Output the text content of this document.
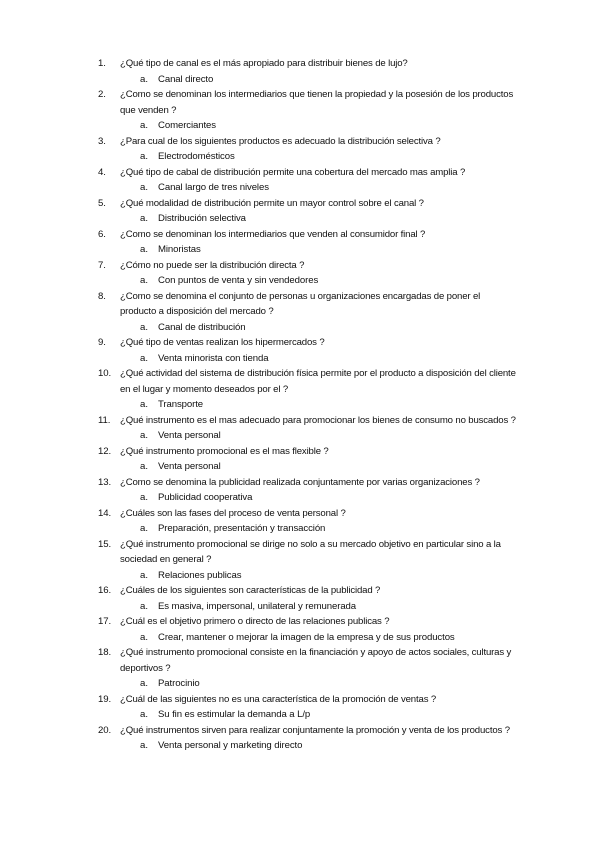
1.	¿Qué tipo de canal es el más apropiado para distribuir bienes de lujo?
a. Canal directo
2.	¿Como se denominan los intermediarios que tienen la propiedad y la posesión de los productos que venden ?
a. Comerciantes
3.	¿Para cual de los siguientes productos es adecuado la distribución selectiva ?
a. Electrodomésticos
4.	¿Qué tipo de cabal de distribución permite una cobertura del mercado mas amplia ?
a. Canal largo de tres niveles
5.	¿Qué modalidad de distribución permite un mayor control sobre el canal ?
a. Distribución selectiva
6.	¿Como se denominan los intermediarios que venden al consumidor final ?
a. Minoristas
7.	¿Cómo no puede ser la distribución directa ?
a. Con puntos de venta y sin vendedores
8.	¿Como se denomina el conjunto de personas u organizaciones encargadas de poner el producto a disposición del mercado ?
a. Canal de distribución
9.	¿Qué tipo de ventas realizan los hipermercados ?
a. Venta minorista con tienda
10. ¿Qué actividad del sistema de distribución física permite por el producto a disposición del cliente en el lugar y momento deseados por el ?
a. Transporte
11.	¿Qué instrumento es el mas adecuado para promocionar los bienes de consumo no buscados ?
a. Venta personal
12. ¿Qué instrumento promocional es el mas flexible ?
a. Venta personal
13. ¿Como se denomina la publicidad realizada conjuntamente por varias organizaciones ?
a. Publicidad cooperativa
14. ¿Cuáles son las fases del proceso de venta personal ?
a. Preparación, presentación y transacción
15. ¿Qué instrumento promocional se dirige no solo a su mercado objetivo en particular sino a la sociedad en general ?
a. Relaciones publicas
16. ¿Cuáles de los siguientes son características de la publicidad ?
a. Es masiva, impersonal, unilateral y remunerada
17. ¿Cuál es el objetivo primero o directo de las relaciones publicas ?
a. Crear, mantener o mejorar la imagen de la empresa y de sus productos
18. ¿Qué instrumento promocional consiste en la financiación y apoyo de actos sociales, culturas y deportivos ?
a. Patrocinio
19. ¿Cuál de las siguientes no es una característica de la promoción de ventas ?
a. Su fin es estimular la demanda a L/p
20. ¿Qué instrumentos sirven para realizar conjuntamente la promoción y venta de los productos ?
a. Venta personal y marketing directo
